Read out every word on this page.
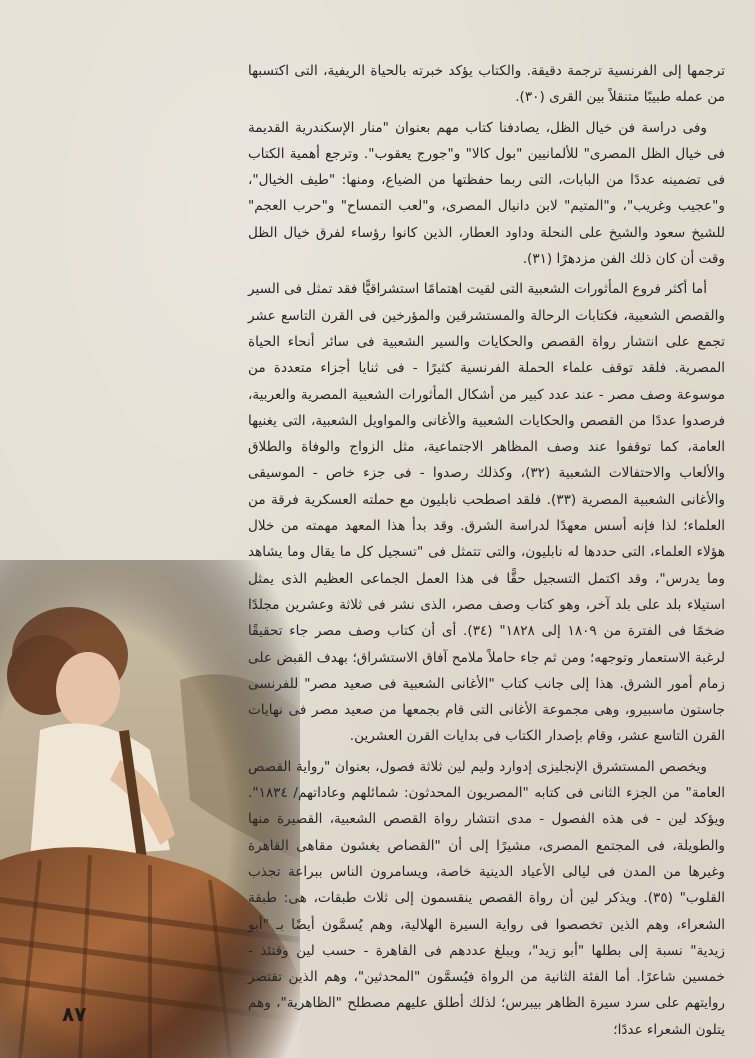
ترجمها إلى الفرنسية ترجمة دقيقة. والكتاب يؤكد خبرته بالحياة الريفية، التى اكتسبها من عمله طبيبًا متنقلاً بين القرى (٣٠).

وفى دراسة فن خيال الظل، يصادفنا كتاب مهم بعنوان "منار الإسكندرية القديمة فى خيال الظل المصرى" للألمانيين "بول كالا" و"جورج يعقوب". وترجع أهمية الكتاب فى تضمينه عددًا من البابات، التى ربما حفظتها من الضياع، ومنها: "طيف الخيال"، و"عجيب وغريب"، و"المتيم" لابن دانيال المصرى، و"لعب التمساح" و"حرب العجم" للشيخ سعود والشيخ على النحلة وداود العطار، الذين كانوا رؤساء لفرق خيال الظل وقت أن كان ذلك الفن مزدهرًا (٣١).

أما أكثر فروع المأثورات الشعبية التى لقيت اهتمامًا استشراقيًّا فقد تمثل فى السير والقصص الشعبية، فكتابات الرحالة والمستشرقين والمؤرخين فى القرن التاسع عشر تجمع على انتشار رواة القصص والحكايات والسير الشعبية فى سائر أنحاء الحياة المصرية. فلقد توقف علماء الحملة الفرنسية كثيرًا - فى ثنايا أجزاء متعددة من موسوعة وصف مصر - عند عدد كبير من أشكال المأثورات الشعبية المصرية والعربية، فرصدوا عددًا من القصص والحكايات الشعبية والأغانى والمواويل الشعبية، التى يغنيها العامة، كما توقفوا عند وصف المظاهر الاجتماعية، مثل الزواج والوفاة والطلاق والألعاب والاحتفالات الشعبية (٣٢)، وكذلك رصدوا - فى جزء خاص - الموسيقى والأغانى الشعبية المصرية (٣٣). فلقد اصطحب نابليون مع حملته العسكرية فرقة من العلماء؛ لذا فإنه أسس معهدًا لدراسة الشرق. وقد بدأ هذا المعهد مهمته من خلال هؤلاء العلماء، التى حددها له نابليون، والتى تتمثل فى "تسجيل كل ما يقال وما يشاهد وما يدرس"، وقد اكتمل التسجيل حقًّا فى هذا العمل الجماعى العظيم الذى يمثل استيلاء بلد على بلد آخر، وهو كتاب وصف مصر، الذى نشر فى ثلاثة وعشرين مجلدًا ضخمًا فى الفترة من ١٨٠٩ إلى ١٨٢٨" (٣٤). أى أن كتاب وصف مصر جاء تحقيقًا لرغبة الاستعمار وتوجهه؛ ومن ثم جاء حاملاً ملامح آفاق الاستشراق؛ بهدف القبض على زمام أمور الشرق. هذا إلى جانب كتاب "الأغانى الشعبية فى صعيد مصر" للفرنسى جاستون ماسبيرو، وهى مجموعة الأغانى التى قام بجمعها من صعيد مصر فى نهايات القرن التاسع عشر، وقام بإصدار الكتاب فى بدايات القرن العشرين.

ويخصص المستشرق الإنجليزى إدوارد وليم لين ثلاثة فصول، بعنوان "رواية القصص العامة" من الجزء الثانى فى كتابه "المصريون المحدثون: شمائلهم وعاداتهم/ ١٨٣٤". ويؤكد لين - فى هذه الفصول - مدى انتشار رواة القصص الشعبية، القصيرة منها والطويلة، فى المجتمع المصرى، مشيرًا إلى أن "القصاص يغشون مقاهى القاهرة وغيرها من المدن فى ليالى الأعياد الدينية خاصة، ويسامرون الناس ببراعة تجذب القلوب" (٣٥). ويذكر لين أن رواة القصص ينقسمون إلى ثلاث طبقات، هى: طبقة الشعراء، وهم الذين تخصصوا فى رواية السيرة الهلالية، وهم يُسمَّون أيضًا بـ "أبو زيدية" نسبة إلى بطلها "أبو زيد"، ويبلغ عددهم فى القاهرة - حسب لين وقتئذ - خمسين شاعرًا. أما الفئة الثانية من الرواة فيُسمَّون "المحدثين"، وهم الذين تقتصر روايتهم على سرد سيرة الظاهر بيبرس؛ لذلك أطلق عليهم مصطلح "الظاهرية"، وهم يتلون الشعراء عددًا؛

٨٧
